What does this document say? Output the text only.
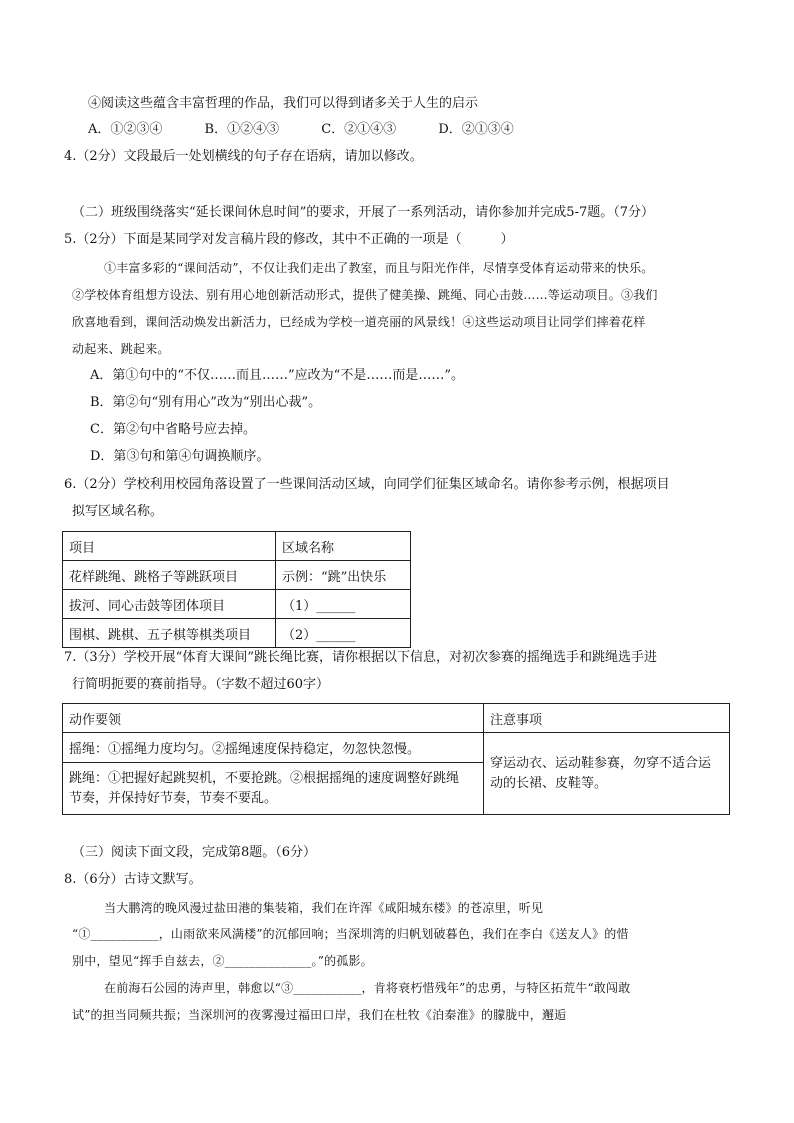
④阅读这些蕴含丰富哲理的作品，我们可以得到诸多关于人生的启示
A．①②③④	B．①②④③	C．②①④③	D．②①③④
4.（2分）文段最后一处划横线的句子存在语病，请加以修改。
（二）班级围绕落实“延长课间休息时间”的要求，开展了一系列活动，请你参加并完成5-7题。（7分）
5.（2分）下面是某同学对发言稿片段的修改，其中不正确的一项是（　　　）
①丰富多彩的“课间活动”，不仅让我们走出了教室，而且与阳光作伴，尽情享受体育运动带来的快乐。
②学校体育组想方设法、别有用心地创新活动形式，提供了健美操、跳绳、同心击鼓……等运动项目。③我们
欣喜地看到，课间活动焕发出新活力，已经成为学校一道亮丽的风景线！④这些运动项目让同学们摔着花样
动起来、跳起来。
A．第①句中的“不仅……而且……”应改为“不是……而是……”。
B．第②句“别有用心”改为“别出心裁”。
C．第②句中省略号应去掉。
D．第③句和第④句调换顺序。
6.（2分）学校利用校园角落设置了一些课间活动区域，向同学们征集区域命名。请你参考示例，根据项目
拟写区域名称。
项目	区域名称
花样跳绳、跳格子等跳跃项目	示例：“跳”出快乐
拔河、同心击鼓等团体项目	（1）______
围棋、跳棋、五子棋等棋类项目	（2）______
7.（3分）学校开展“体育大课间”跳长绳比赛，请你根据以下信息，对初次参赛的摇绳选手和跳绳选手进
行简明扼要的赛前指导。（字数不超过60字）
动作要领	注意事项
摇绳：①摇绳力度均匀。②摇绳速度保持稳定，勿忽快忽慢。	穿运动衣、运动鞋参赛，勿穿不适合运
动的长裙、皮鞋等。

跳绳：①把握好起跳契机，不要抢跳。②根据摇绳的速度调整好跳绳
节奏，并保持好节奏，节奏不要乱。	
（三）阅读下面文段，完成第8题。（6分）
8.（6分）古诗文默写。
当大鹏湾的晚风漫过盐田港的集装箱，我们在许浑《咸阳城东楼》的苍凉里，听见
“①___________，山雨欲来风满楼”的沉郁回响；当深圳湾的归帆划破暮色，我们在李白《送友人》的惜
别中，望见“挥手自兹去，②______________。”的孤影。
在前海石公园的涛声里，韩愈以“③___________，肯将衰朽惜残年”的忠勇，与特区拓荒牛“敢闯敢
试”的担当同频共振；当深圳河的夜雾漫过福田口岸，我们在杜牧《泊秦淮》的朦胧中，邂逅
